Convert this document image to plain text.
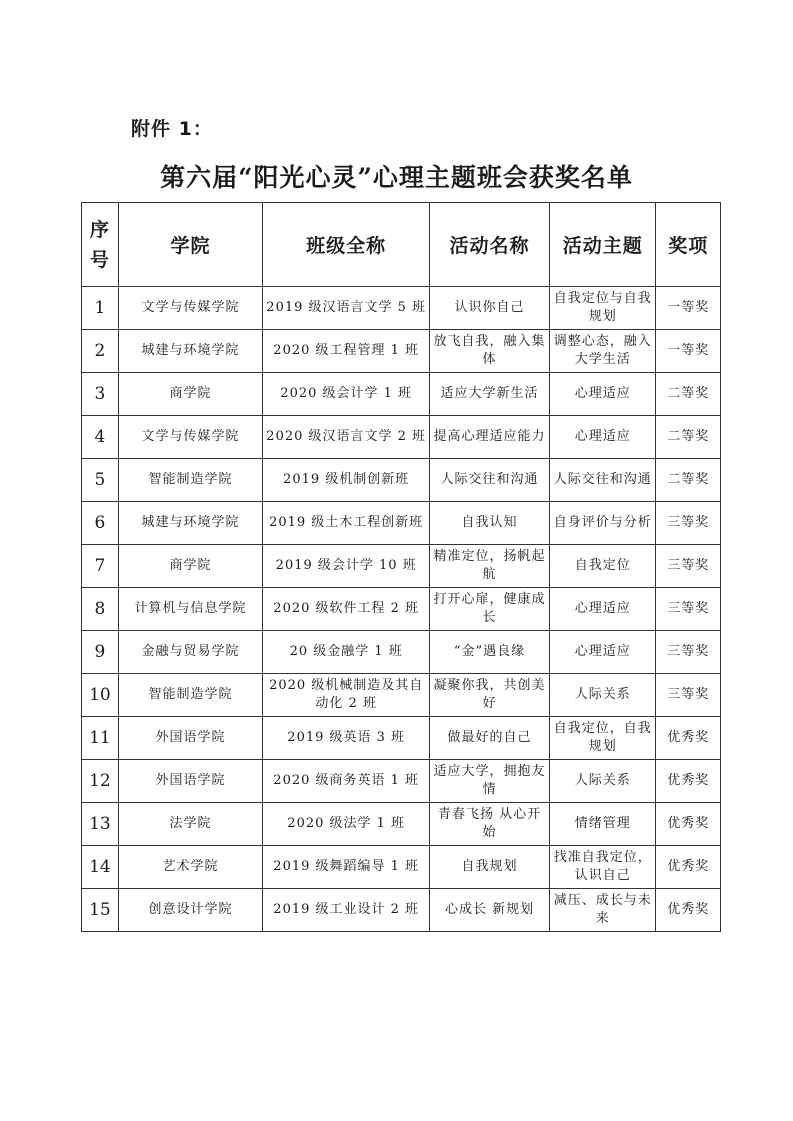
附件 1：
第六届“阳光心灵”心理主题班会获奖名单
序
号	学院	班级全称	活动名称	活动主题	奖项
1	文学与传媒学院	2019 级汉语言文学 5 班	认识你自己	自我定位与自我规划	一等奖
2	城建与环境学院	2020 级工程管理 1 班	放飞自我，融入集体	调整心态，融入大学生活	一等奖
3	商学院	2020 级会计学 1 班	适应大学新生活	心理适应	二等奖
4	文学与传媒学院	2020 级汉语言文学 2 班	提高心理适应能力	心理适应	二等奖
5	智能制造学院	2019 级机制创新班	人际交往和沟通	人际交往和沟通	二等奖
6	城建与环境学院	2019 级土木工程创新班	自我认知	自身评价与分析	三等奖
7	商学院	2019 级会计学 10 班	精准定位，扬帆起航	自我定位	三等奖
8	计算机与信息学院	2020 级软件工程 2 班	打开心扉，健康成长	心理适应	三等奖
9	金融与贸易学院	20 级金融学 1 班	“金”遇良缘	心理适应	三等奖
10	智能制造学院	2020 级机械制造及其自动化 2 班	凝聚你我，共创美好	人际关系	三等奖
11	外国语学院	2019 级英语 3 班	做最好的自己	自我定位，自我规划	优秀奖
12	外国语学院	2020 级商务英语 1 班	适应大学，拥抱友情	人际关系	优秀奖
13	法学院	2020 级法学 1 班	青春飞扬 从心开始	情绪管理	优秀奖
14	艺术学院	2019 级舞蹈编导 1 班	自我规划	找准自我定位，认识自己	优秀奖
15	创意设计学院	2019 级工业设计 2 班	心成长 新规划	减压、成长与未来	优秀奖
